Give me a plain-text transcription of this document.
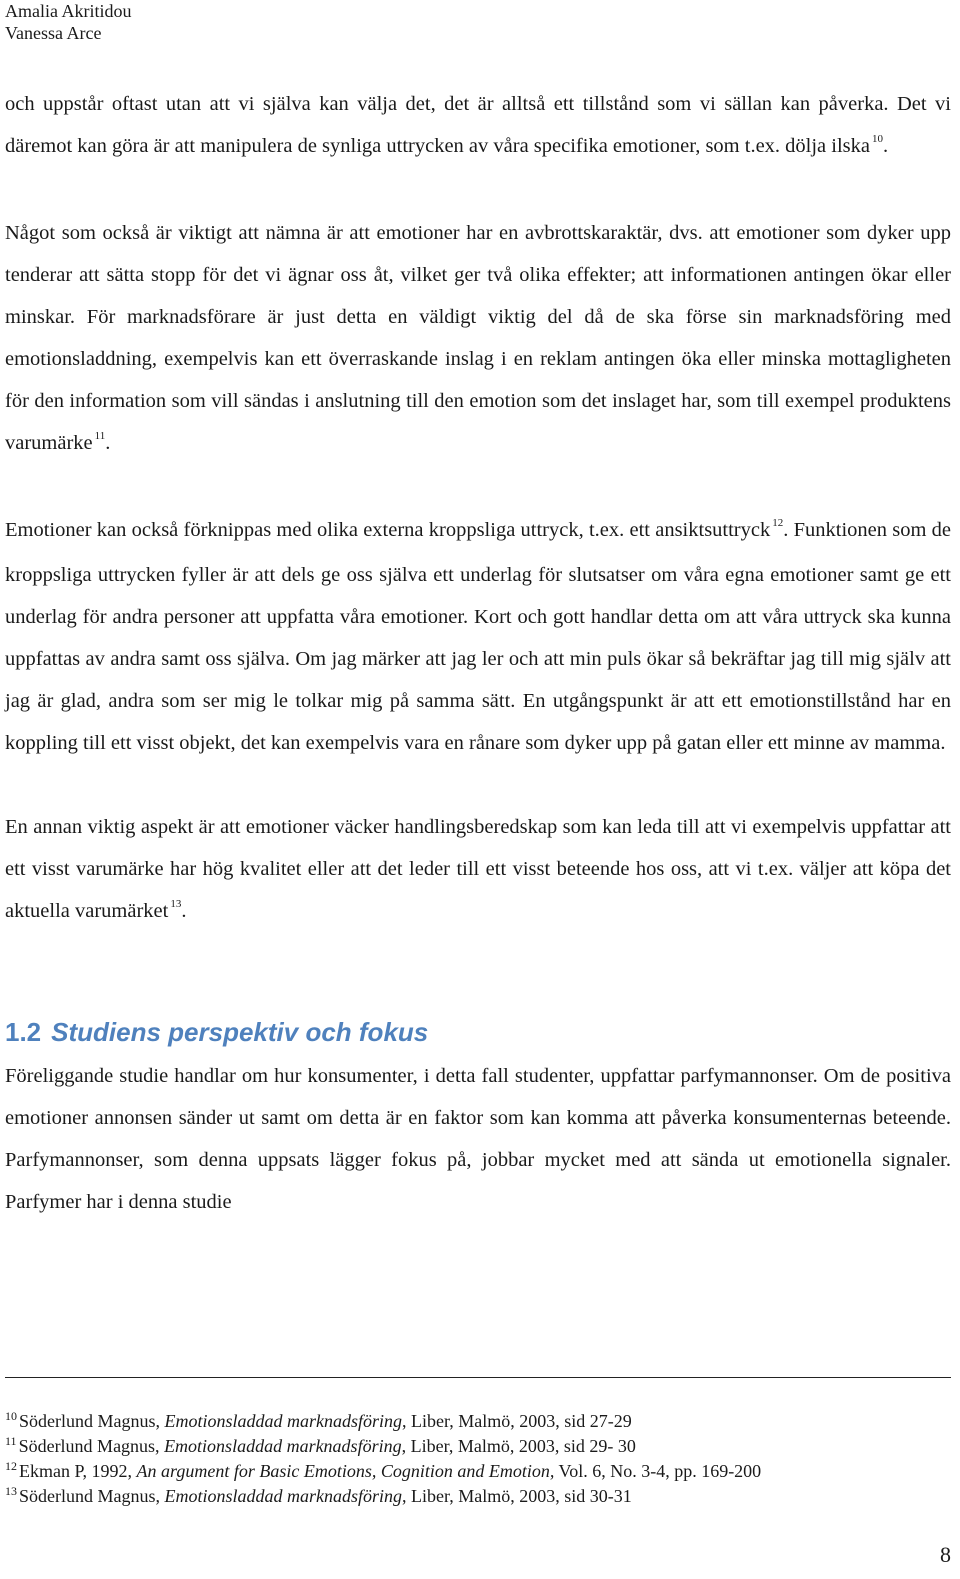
Amalia Akritidou
Vanessa Arce

och uppstår oftast utan att vi själva kan välja det, det är alltså ett tillstånd som vi sällan kan påverka. Det vi däremot kan göra är att manipulera de synliga uttrycken av våra specifika emotioner, som t.ex. dölja ilska $^{10}$.

Något som också är viktigt att nämna är att emotioner har en avbrottskaraktär, dvs. att emotioner som dyker upp tenderar att sätta stopp för det vi ägnar oss åt, vilket ger två olika effekter; att informationen antingen ökar eller minskar. För marknadsförare är just detta en väldigt viktig del då de ska förse sin marknadsföring med emotionsladdning, exempelvis kan ett överraskande inslag i en reklam antingen öka eller minska mottagligheten för den information som vill sändas i anslutning till den emotion som det inslaget har, som till exempel produktens varumärke $^{11}$.

Emotioner kan också förknippas med olika externa kroppsliga uttryck, t.ex. ett ansiktsuttryck $^{12}$. Funktionen som de kroppsliga uttrycken fyller är att dels ge oss själva ett underlag för slutsatser om våra egna emotioner samt ge ett underlag för andra personer att uppfatta våra emotioner. Kort och gott handlar detta om att våra uttryck ska kunna uppfattas av andra samt oss själva. Om jag märker att jag ler och att min puls ökar så bekräftar jag till mig själv att jag är glad, andra som ser mig le tolkar mig på samma sätt. En utgångspunkt är att ett emotionstillstånd har en koppling till ett visst objekt, det kan exempelvis vara en rånare som dyker upp på gatan eller ett minne av mamma.

En annan viktig aspekt är att emotioner väcker handlingsberedskap som kan leda till att vi exempelvis uppfattar att ett visst varumärke har hög kvalitet eller att det leder till ett visst beteende hos oss, att vi t.ex. väljer att köpa det aktuella varumärket $^{13}$.

1.2 Studiens perspektiv och fokus

Föreliggande studie handlar om hur konsumenter, i detta fall studenter, uppfattar parfymannonser. Om de positiva emotioner annonsen sänder ut samt om detta är en faktor som kan komma att påverka konsumenternas beteende. Parfymannonser, som denna uppsats lägger fokus på, jobbar mycket med att sända ut emotionella signaler. Parfymer har i denna studie

$^{10}$ Söderlund Magnus, Emotionsladdad marknadsföring, Liber, Malmö, 2003, sid 27-29
$^{11}$ Söderlund Magnus, Emotionsladdad marknadsföring, Liber, Malmö, 2003, sid 29- 30
$^{12}$ Ekman P, 1992, An argument for Basic Emotions, Cognition and Emotion, Vol. 6, No. 3-4, pp. 169-200
$^{13}$ Söderlund Magnus, Emotionsladdad marknadsföring, Liber, Malmö, 2003, sid 30-31
8
